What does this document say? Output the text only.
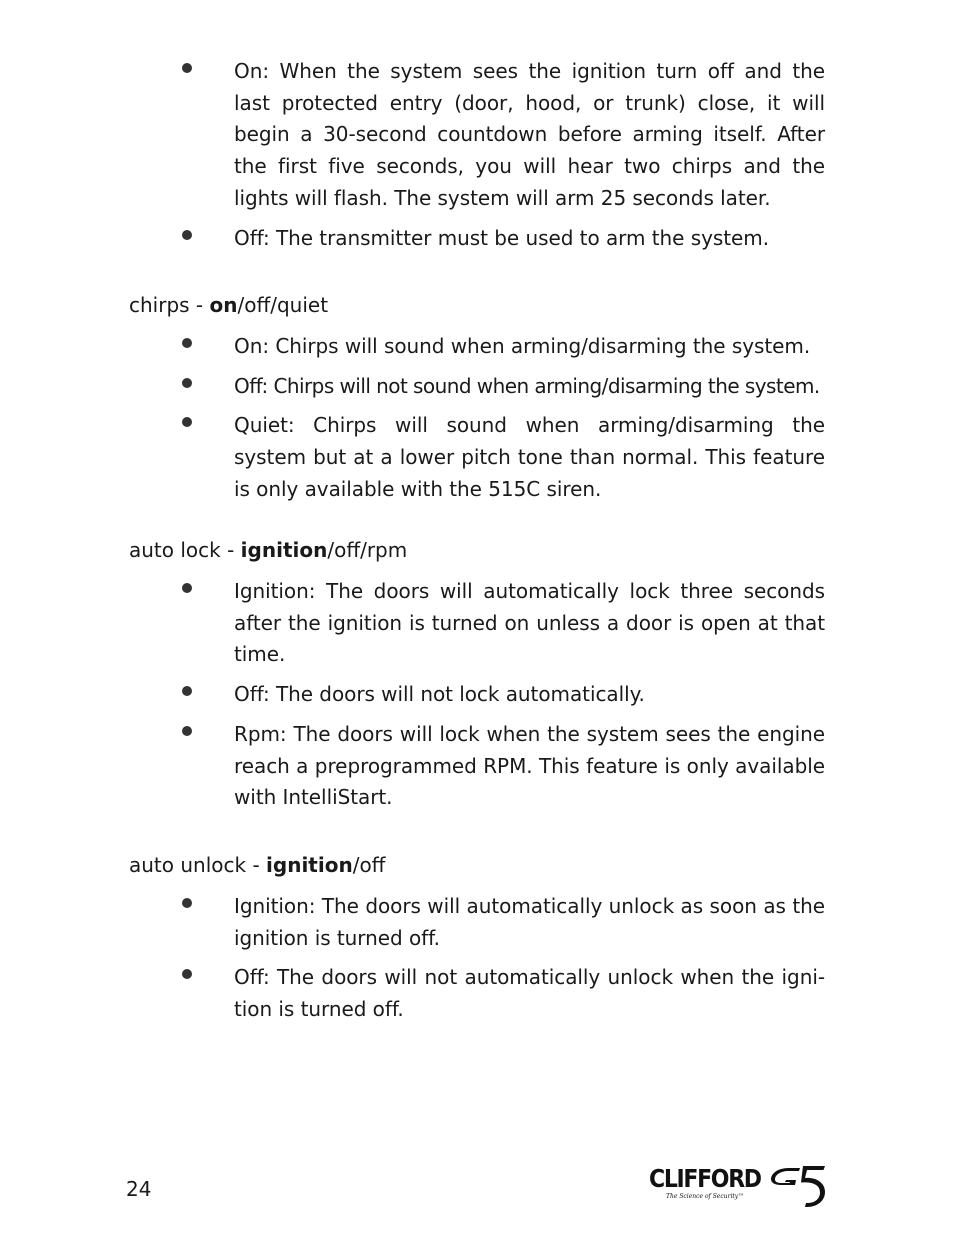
On: When the system sees the ignition turn off and the last protected entry (door, hood, or trunk) close, it will begin a 30-second countdown before arming itself. After the first five seconds, you will hear two chirps and the lights will flash. The system will arm 25 seconds later.
Off: The transmitter must be used to arm the system.
chirps - on/off/quiet
On: Chirps will sound when arming/disarming the system.
Off: Chirps will not sound when arming/disarming the system.
Quiet: Chirps will sound when arming/disarming the system but at a lower pitch tone than normal. This feature is only available with the 515C siren.
auto lock - ignition/off/rpm
Ignition: The doors will automatically lock three seconds after the ignition is turned on unless a door is open at that time.
Off: The doors will not lock automatically.
Rpm: The doors will lock when the system sees the engine reach a preprogrammed RPM. This feature is only available with IntelliStart.
auto unlock - ignition/off
Ignition: The doors will automatically unlock as soon as the ignition is turned off.
Off: The doors will not automatically unlock when the igni-tion is turned off.
24	CLIFFORD
The Science of Security™
